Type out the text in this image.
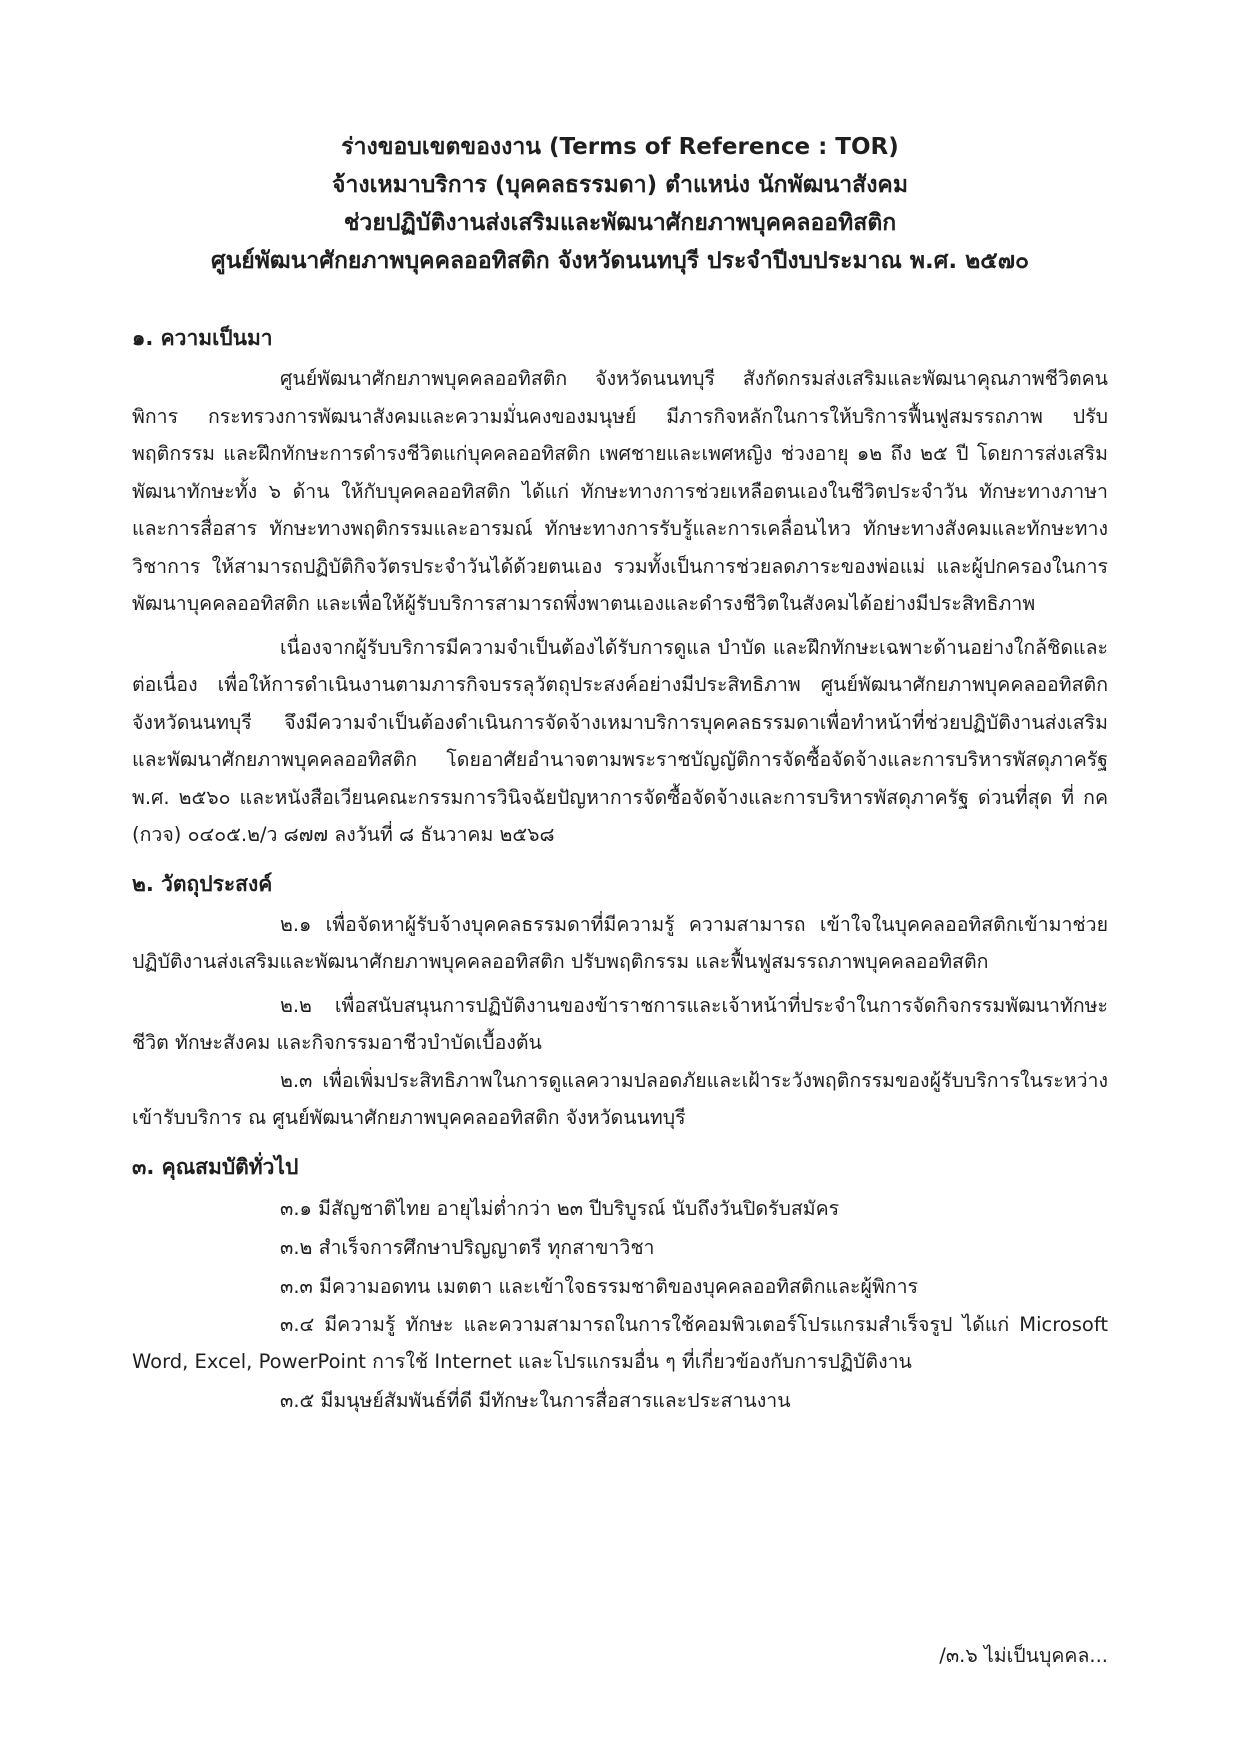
ร่างขอบเขตของงาน (Terms of Reference : TOR)

จ้างเหมาบริการ (บุคคลธรรมดา) ตำแหน่ง นักพัฒนาสังคม

ช่วยปฏิบัติงานส่งเสริมและพัฒนาศักยภาพบุคคลออทิสติก

ศูนย์พัฒนาศักยภาพบุคคลออทิสติก จังหวัดนนทบุรี ประจำปีงบประมาณ พ.ศ. ๒๕๗๐

๑. ความเป็นมา

ศูนย์พัฒนาศักยภาพบุคคลออทิสติก จังหวัดนนทบุรี สังกัดกรมส่งเสริมและพัฒนาคุณภาพชีวิตคนพิการ กระทรวงการพัฒนาสังคมและความมั่นคงของมนุษย์ มีภารกิจหลักในการให้บริการฟื้นฟูสมรรถภาพ ปรับพฤติกรรม และฝึกทักษะการดำรงชีวิตแก่บุคคลออทิสติก เพศชายและเพศหญิง ช่วงอายุ ๑๒ ถึง ๒๕ ปี โดยการส่งเสริมพัฒนาทักษะทั้ง ๖ ด้าน ให้กับบุคคลออทิสติก ได้แก่ ทักษะทางการช่วยเหลือตนเองในชีวิตประจำวัน ทักษะทางภาษาและการสื่อสาร ทักษะทางพฤติกรรมและอารมณ์ ทักษะทางการรับรู้และการเคลื่อนไหว ทักษะทางสังคมและทักษะทางวิชาการ ให้สามารถปฏิบัติกิจวัตรประจำวันได้ด้วยตนเอง รวมทั้งเป็นการช่วยลดภาระของพ่อแม่ และผู้ปกครองในการพัฒนาบุคคลออทิสติก และเพื่อให้ผู้รับบริการสามารถพึ่งพาตนเองและดำรงชีวิตในสังคมได้อย่างมีประสิทธิภาพ

เนื่องจากผู้รับบริการมีความจำเป็นต้องได้รับการดูแล บำบัด และฝึกทักษะเฉพาะด้านอย่างใกล้ชิดและต่อเนื่อง เพื่อให้การดำเนินงานตามภารกิจบรรลุวัตถุประสงค์อย่างมีประสิทธิภาพ ศูนย์พัฒนาศักยภาพบุคคลออทิสติก จังหวัดนนทบุรี จึงมีความจำเป็นต้องดำเนินการจัดจ้างเหมาบริการบุคคลธรรมดาเพื่อทำหน้าที่ช่วยปฏิบัติงานส่งเสริมและพัฒนาศักยภาพบุคคลออทิสติก โดยอาศัยอำนาจตามพระราชบัญญัติการจัดซื้อจัดจ้างและการบริหารพัสดุภาครัฐ พ.ศ. ๒๕๖๐ และหนังสือเวียนคณะกรรมการวินิจฉัยปัญหาการจัดซื้อจัดจ้างและการบริหารพัสดุภาครัฐ ด่วนที่สุด ที่ กค (กวจ) ๐๔๐๕.๒/ว ๘๗๗ ลงวันที่ ๘ ธันวาคม ๒๕๖๘

๒. วัตถุประสงค์

๒.๑ เพื่อจัดหาผู้รับจ้างบุคคลธรรมดาที่มีความรู้ ความสามารถ เข้าใจในบุคคลออทิสติกเข้ามาช่วยปฏิบัติงานส่งเสริมและพัฒนาศักยภาพบุคคลออทิสติก ปรับพฤติกรรม และฟื้นฟูสมรรถภาพบุคคลออทิสติก

๒.๒ เพื่อสนับสนุนการปฏิบัติงานของข้าราชการและเจ้าหน้าที่ประจำในการจัดกิจกรรมพัฒนาทักษะชีวิต ทักษะสังคม และกิจกรรมอาชีวบำบัดเบื้องต้น

๒.๓ เพื่อเพิ่มประสิทธิภาพในการดูแลความปลอดภัยและเฝ้าระวังพฤติกรรมของผู้รับบริการในระหว่างเข้ารับบริการ ณ ศูนย์พัฒนาศักยภาพบุคคลออทิสติก จังหวัดนนทบุรี

๓. คุณสมบัติทั่วไป

๓.๑ มีสัญชาติไทย อายุไม่ต่ำกว่า ๒๓ ปีบริบูรณ์ นับถึงวันปิดรับสมัคร

๓.๒ สำเร็จการศึกษาปริญญาตรี ทุกสาขาวิชา

๓.๓ มีความอดทน เมตตา และเข้าใจธรรมชาติของบุคคลออทิสติกและผู้พิการ

๓.๔ มีความรู้ ทักษะ และความสามารถในการใช้คอมพิวเตอร์โปรแกรมสำเร็จรูป ได้แก่ Microsoft Word, Excel, PowerPoint การใช้ Internet และโปรแกรมอื่น ๆ ที่เกี่ยวข้องกับการปฏิบัติงาน

๓.๕ มีมนุษย์สัมพันธ์ที่ดี มีทักษะในการสื่อสารและประสานงาน

/๓.๖ ไม่เป็นบุคคล...
